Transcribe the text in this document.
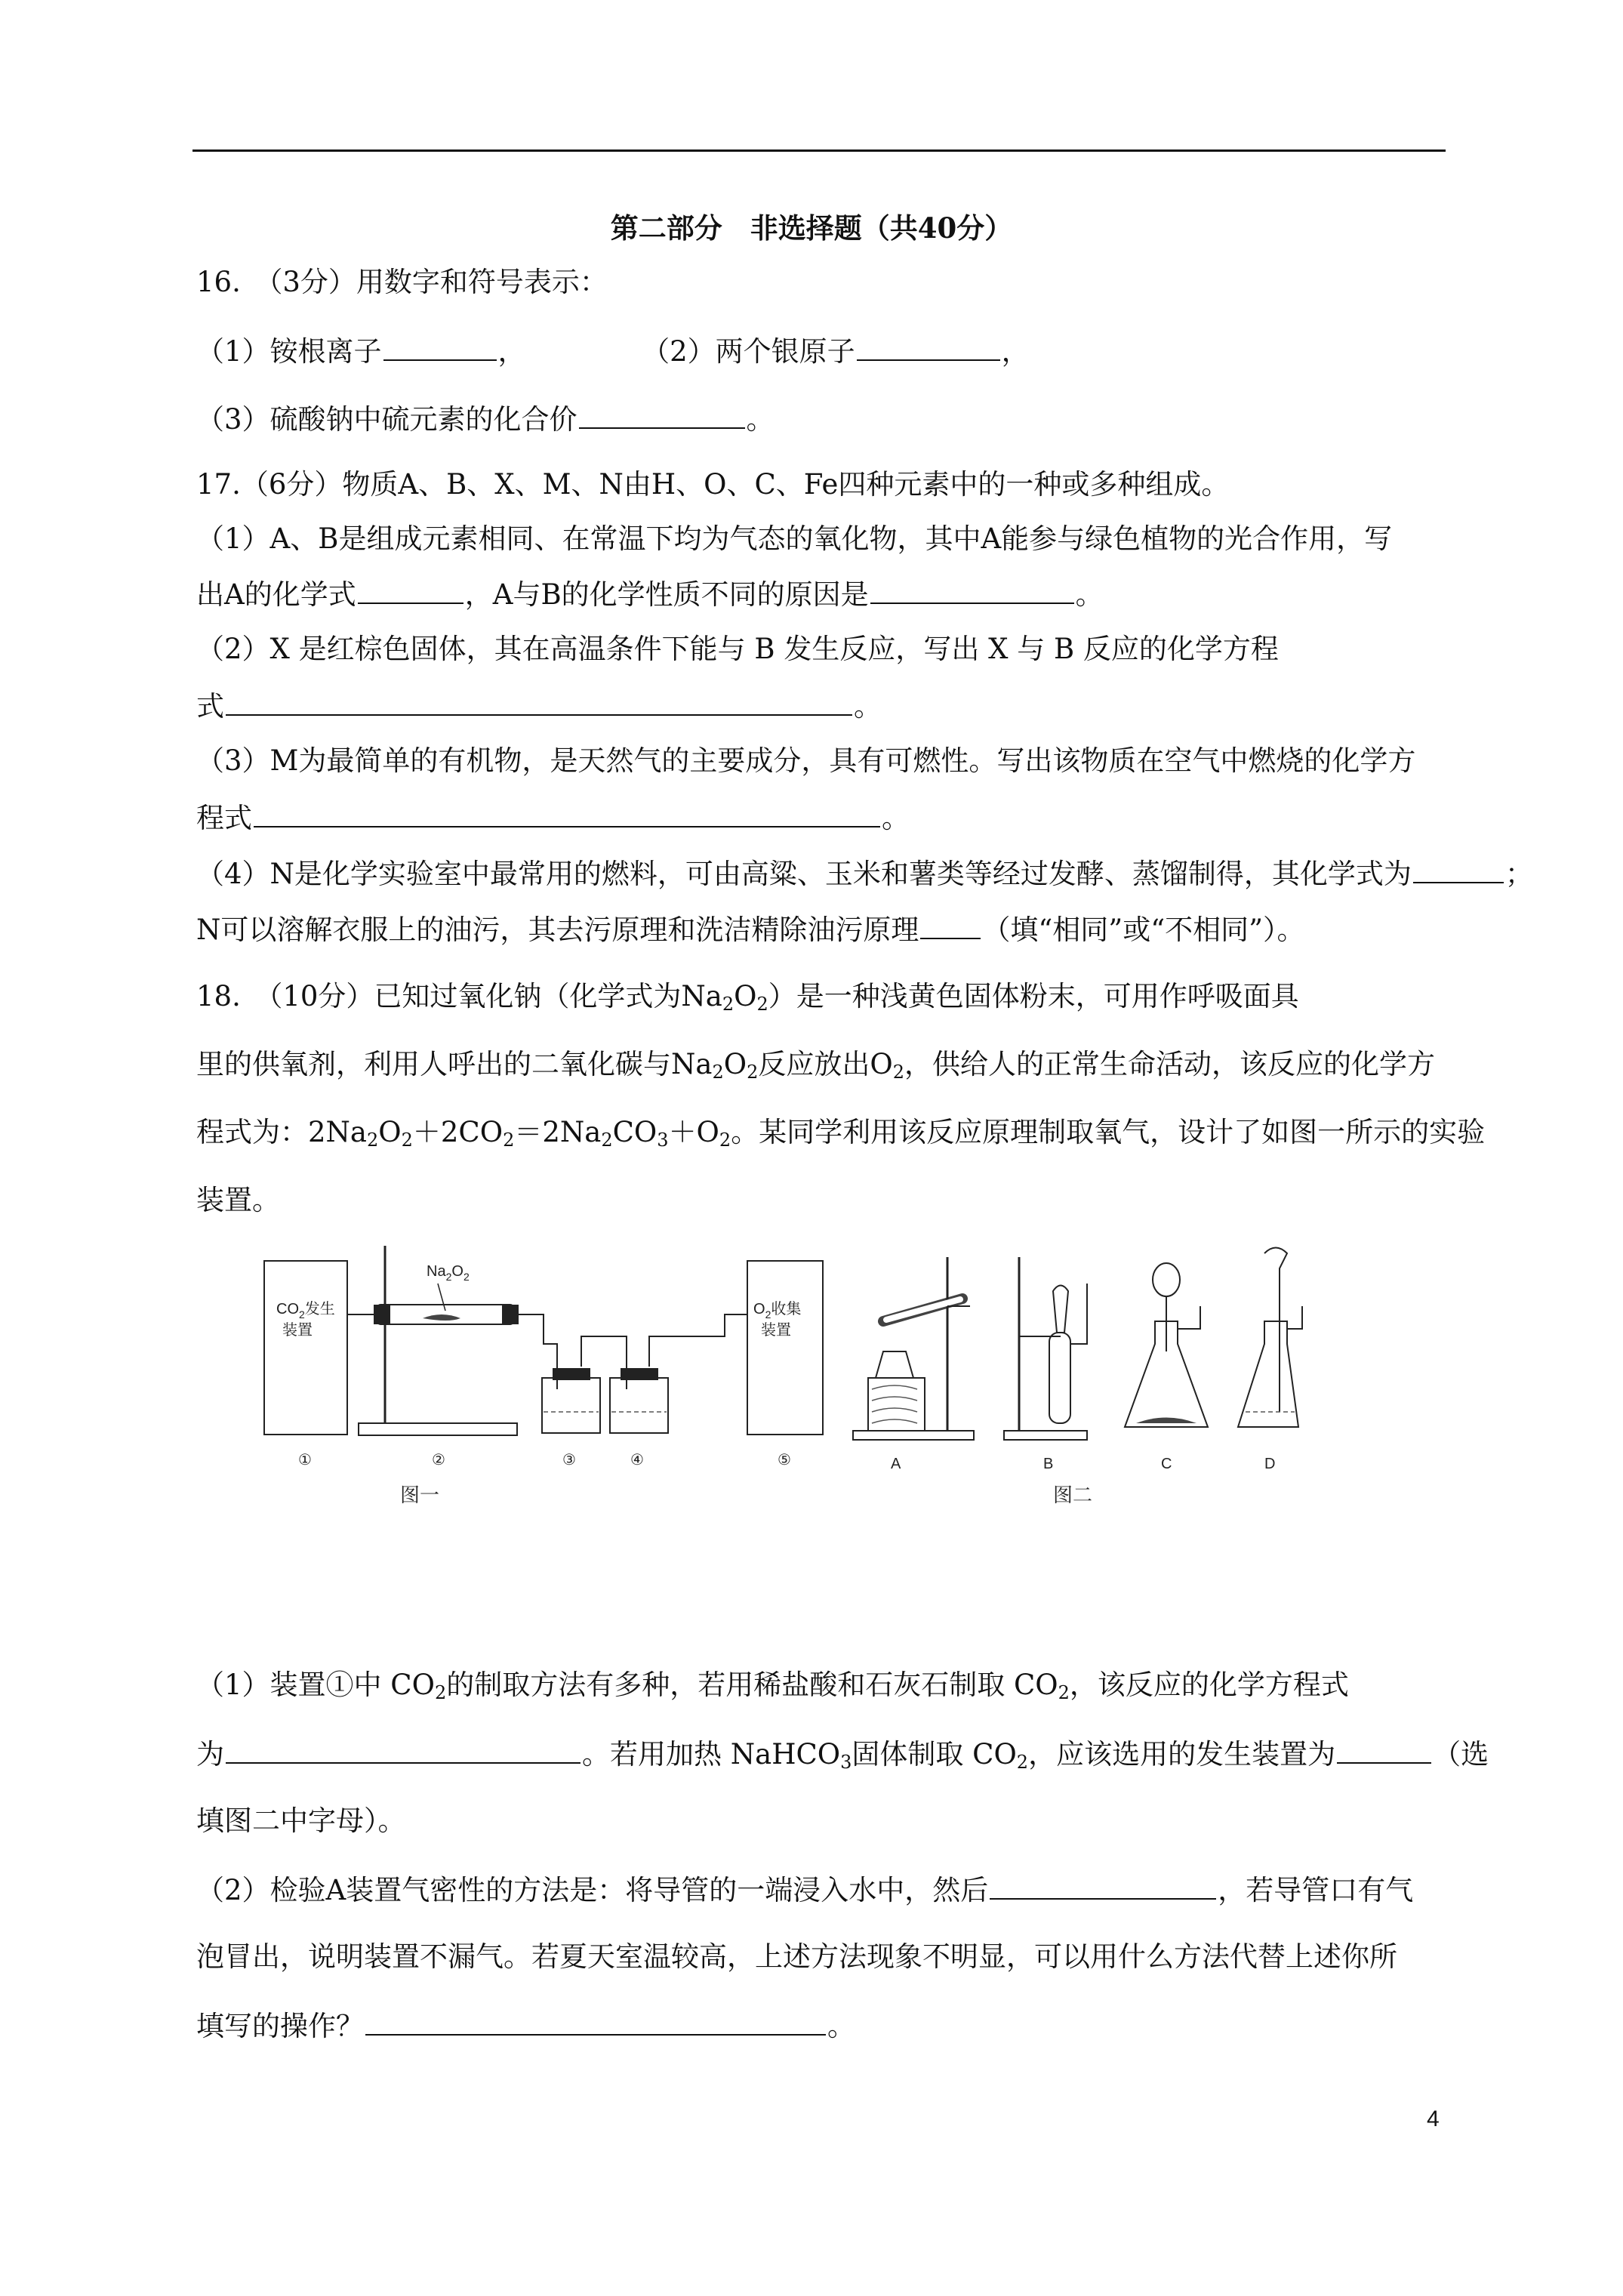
第二部分　非选择题（共40分）
16.　（3分）用数字和符号表示：
（1）铵根离子	，	（2）两个银原子	，
（3）硫酸钠中硫元素的化合价	。
17.（6分）物质A、B、X、M、N由H、O、C、Fe四种元素中的一种或多种组成。
（1）A、B是组成元素相同、在常温下均为气态的氧化物，其中A能参与绿色植物的光合作用，写
出A的化学式	，A与B的化学性质不同的原因是	。
（2）X 是红棕色固体，其在高温条件下能与 B 发生反应，写出 X 与 B 反应的化学方程
式	。
（3）M为最简单的有机物，是天然气的主要成分，具有可燃性。写出该物质在空气中燃烧的化学方
程式	。
（4）N是化学实验室中最常用的燃料，可由高粱、玉米和薯类等经过发酵、蒸馏制得，其化学式为	；
N可以溶解衣服上的油污，其去污原理和洗洁精除油污原理 （填“相同”或“不相同”）。
18.　（10分）已知过氧化钠（化学式为$Na_2O_2$）是一种浅黄色固体粉末，可用作呼吸面具
里的供氧剂，利用人呼出的二氧化碳与$Na_2O_2$反应放出$O_2$，供给人的正常生命活动，该反应的化学方
程式为：$2Na_2O_2+2CO_2=2Na_2CO_3+O_2$。某同学利用该反应原理制取氧气，设计了如图一所示的实验
装置。
$CO_2$发生
装置
$Na_2O_2$
$O_2$收集
装置
①	②	③	④	⑤
图一
A	B	C	D
图二
（1）装置①中 $CO_2$的制取方法有多种，若用稀盐酸和石灰石制取 $CO_2$，该反应的化学方程式
为	。若用加热 NaHCO$_3$固体制取 $CO_2$，应该选用的发生装置为	（选
填图二中字母）。
（2）检验A装置气密性的方法是：将导管的一端浸入水中，然后	，若导管口有气
泡冒出，说明装置不漏气。若夏天室温较高，上述方法现象不明显，可以用什么方法代替上述你所
填写的操作？	。
4
